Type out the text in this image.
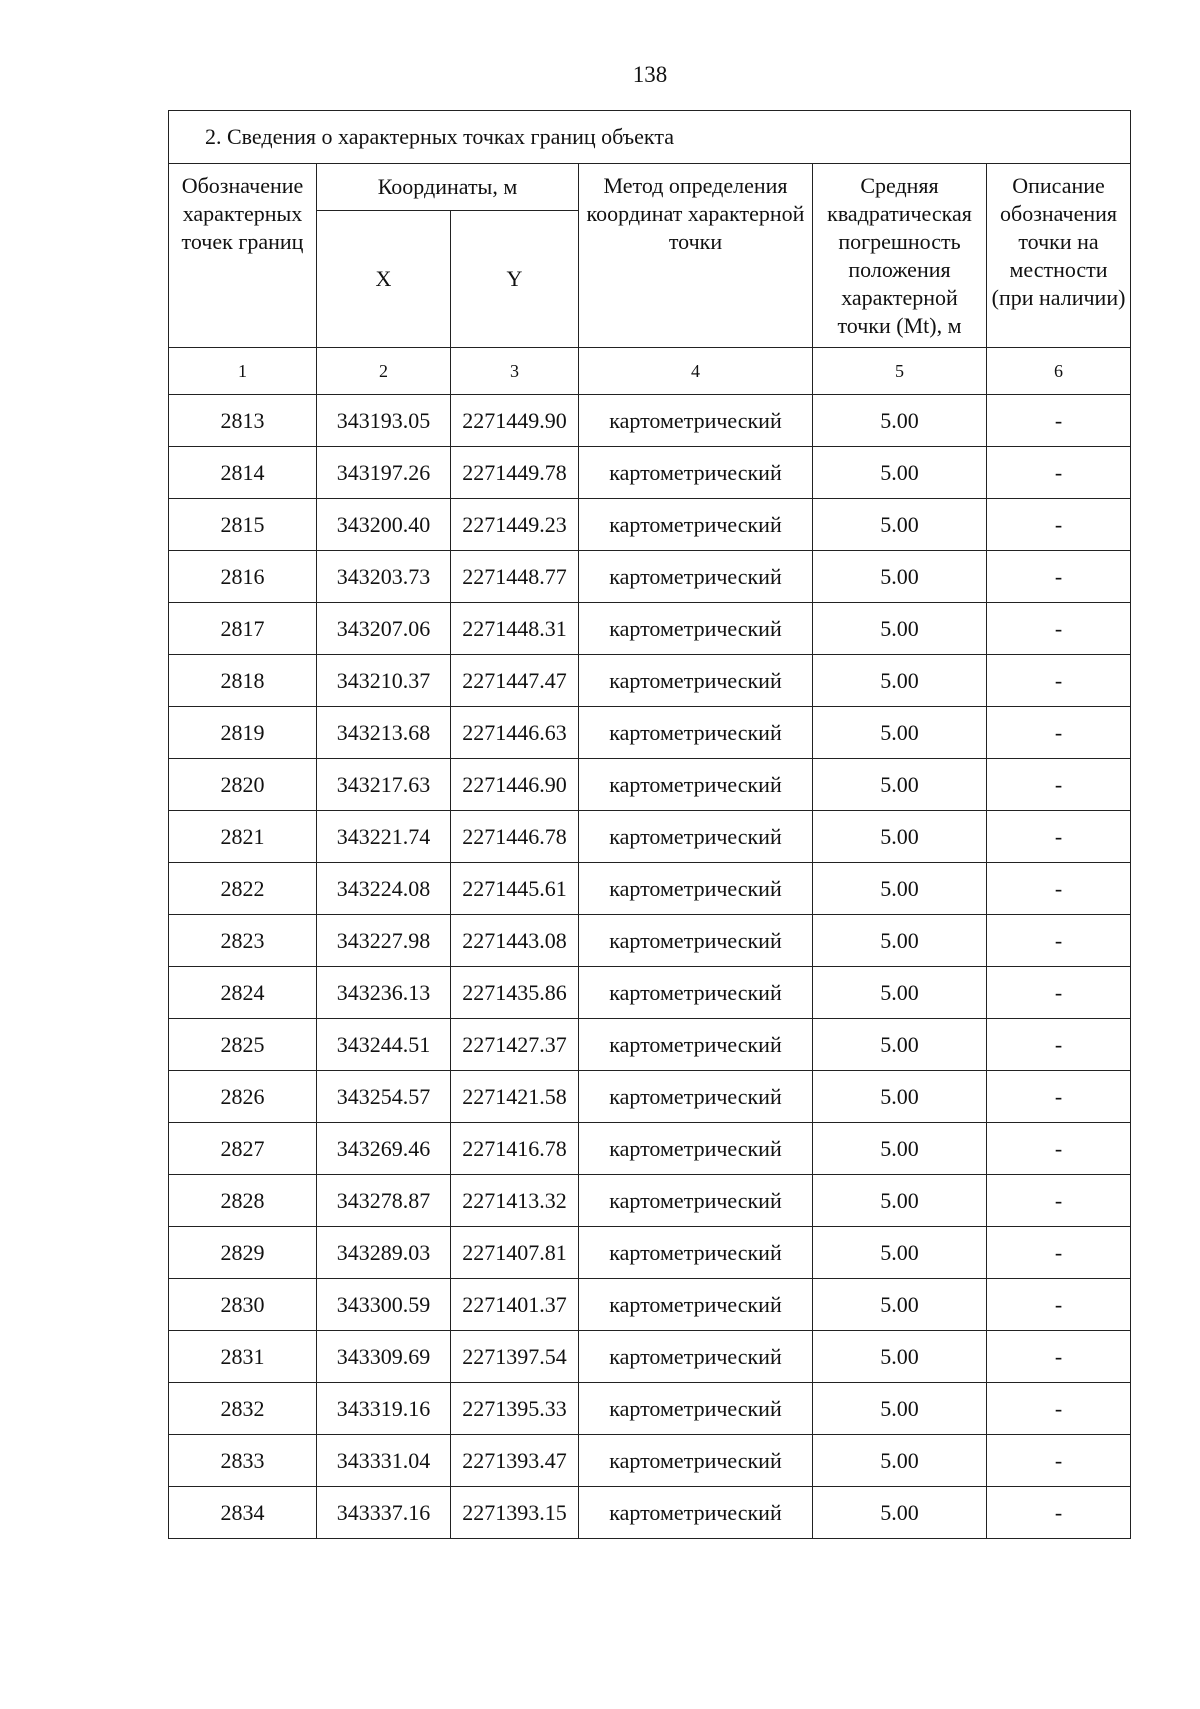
138
2. Сведения о характерных точках границ объекта					
Обозначение характерных точек границ	Координаты, м		Метод определения координат характерной точки	Средняя квадратическая погрешность положения характерной точки (Mt), м	Описание обозначения точки на местности (при наличии)
	X	Y			
1	2	3	4	5	6
2813	343193.05	2271449.90	картометрический	5.00	-
2814	343197.26	2271449.78	картометрический	5.00	-
2815	343200.40	2271449.23	картометрический	5.00	-
2816	343203.73	2271448.77	картометрический	5.00	-
2817	343207.06	2271448.31	картометрический	5.00	-
2818	343210.37	2271447.47	картометрический	5.00	-
2819	343213.68	2271446.63	картометрический	5.00	-
2820	343217.63	2271446.90	картометрический	5.00	-
2821	343221.74	2271446.78	картометрический	5.00	-
2822	343224.08	2271445.61	картометрический	5.00	-
2823	343227.98	2271443.08	картометрический	5.00	-
2824	343236.13	2271435.86	картометрический	5.00	-
2825	343244.51	2271427.37	картометрический	5.00	-
2826	343254.57	2271421.58	картометрический	5.00	-
2827	343269.46	2271416.78	картометрический	5.00	-
2828	343278.87	2271413.32	картометрический	5.00	-
2829	343289.03	2271407.81	картометрический	5.00	-
2830	343300.59	2271401.37	картометрический	5.00	-
2831	343309.69	2271397.54	картометрический	5.00	-
2832	343319.16	2271395.33	картометрический	5.00	-
2833	343331.04	2271393.47	картометрический	5.00	-
2834	343337.16	2271393.15	картометрический	5.00	-
